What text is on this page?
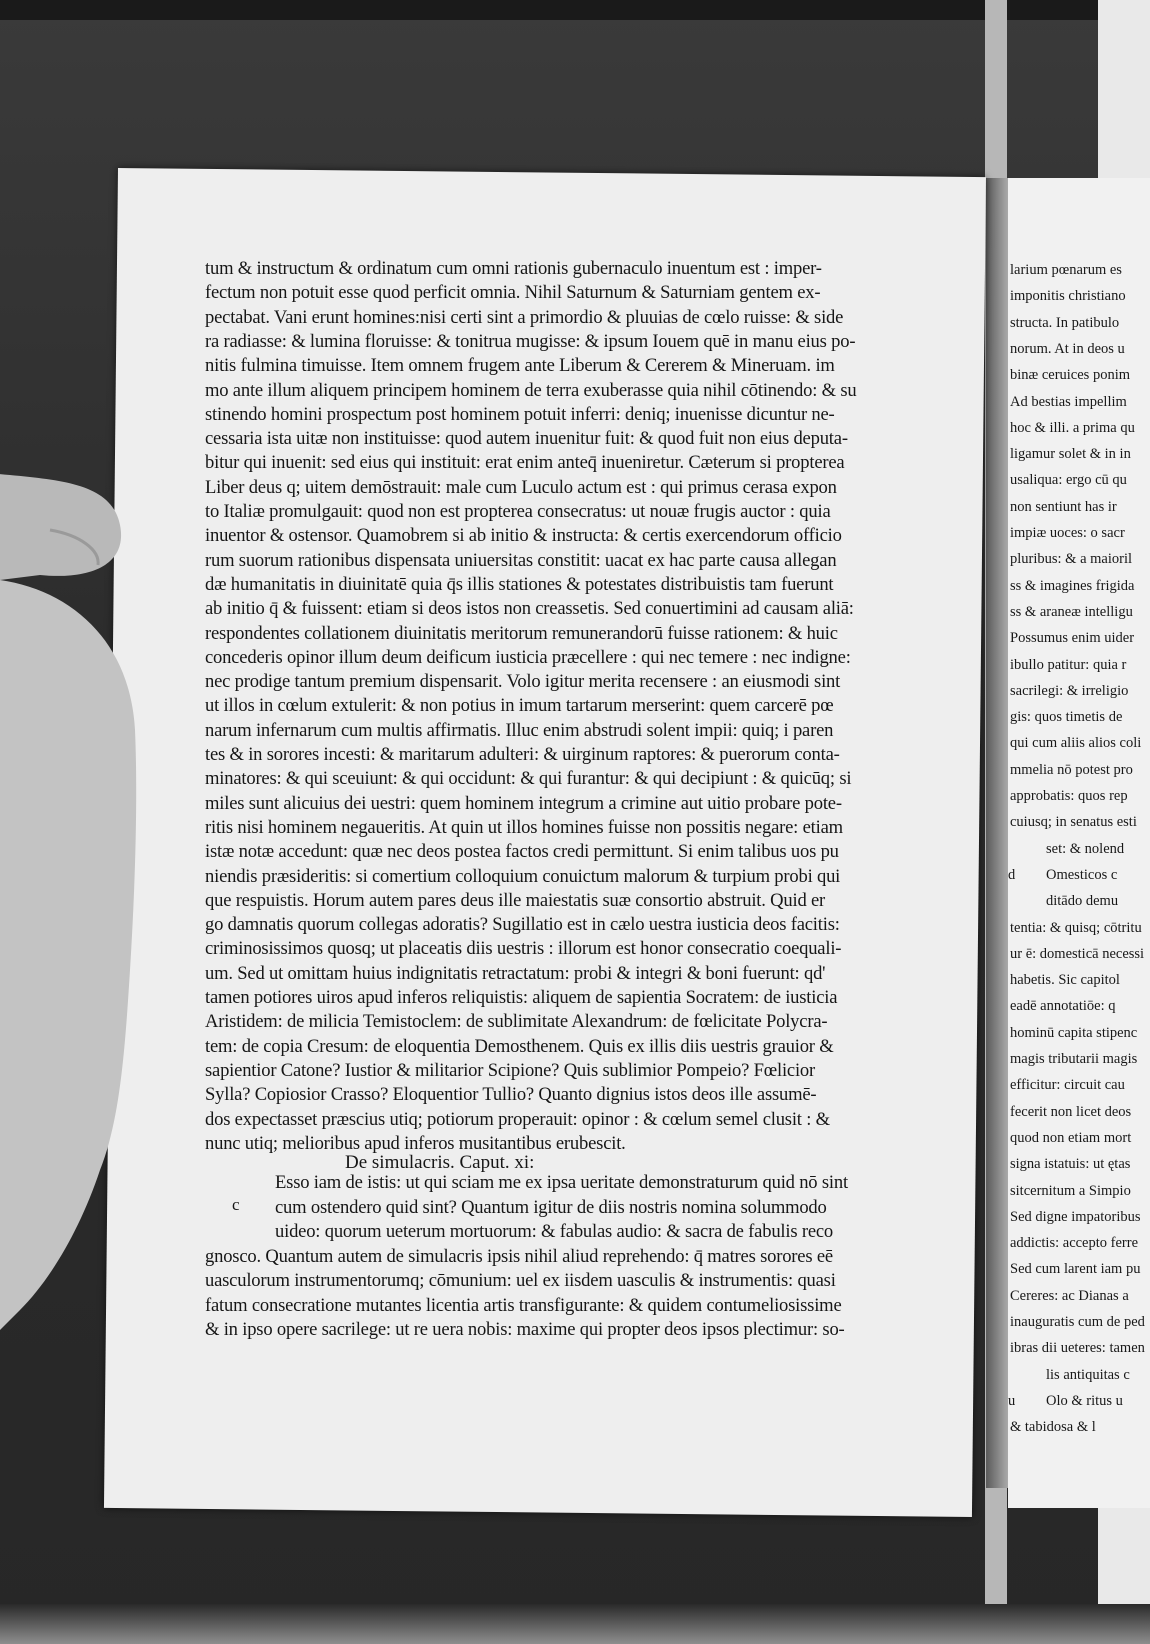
larium pœnarum es
imponitis christiano
structa. In patibulo
norum. At in deos u
binæ ceruices ponim
Ad bestias impellim
hoc & illi. a prima qu
ligamur solet & in in
usaliqua: ergo cū qu
non sentiunt has ir
impiæ uoces: o sacr
pluribus: & a maioril
ss & imagines frigida
ss & araneæ intelligu
Possumus enim uider
ibullo patitur: quia r
sacrilegi: & irreligio
gis: quos timetis de
qui cum aliis alios coli
mmelia nō potest pro
approbatis: quos rep
cuiusq; in senatus esti
set: & nolend
Omesticos c
ditādo demu
tentia: & quisq; cōtritu
ur ē: domesticā necessi
habetis. Sic capitol
eadē annotatiōe: q
hominū capita stipenc
magis tributarii magis
efficitur: circuit cau
fecerit non licet deos
quod non etiam mort
signa istatuis: ut ętas
sitcernitum a Simpio
Sed digne impatoribus
addictis: accepto ferre
Sed cum larent iam pu
Cereres: ac Dianas a
inauguratis cum de ped
ibras dii ueteres: tamen
lis antiquitas c
Olo & ritus u
& tabidosa & l
d
u
tum & instructum & ordinatum cum omni rationis gubernaculo inuentum est : imper-
fectum non potuit esse quod perficit omnia. Nihil Saturnum & Saturniam gentem ex-
pectabat. Vani erunt homines:nisi certi sint a primordio & pluuias de cœlo ruisse: & side
ra radiasse: & lumina floruisse: & tonitrua mugisse: & ipsum Iouem quē in manu eius po-
nitis fulmina timuisse. Item omnem frugem ante Liberum & Cererem & Mineruam. im
mo ante illum aliquem principem hominem de terra exuberasse quia nihil cōtinendo: & su
stinendo homini prospectum post hominem potuit inferri: deniq; inuenisse dicuntur ne-
cessaria ista uitæ non instituisse: quod autem inuenitur fuit: & quod fuit non eius deputa-
bitur qui inuenit: sed eius qui instituit: erat enim anteq̄ inueniretur. Cæterum si propterea
Liber deus q; uitem demōstrauit: male cum Luculo actum est : qui primus cerasa expon
to Italiæ promulgauit: quod non est propterea consecratus: ut nouæ frugis auctor : quia
inuentor & ostensor. Quamobrem si ab initio & instructa: & certis exercendorum officio
rum suorum rationibus dispensata uniuersitas constitit: uacat ex hac parte causa allegan
dæ humanitatis in diuinitatē quia q̄s illis stationes & potestates distribuistis tam fuerunt
ab initio q̄ & fuissent: etiam si deos istos non creassetis. Sed conuertimini ad causam aliā:
respondentes collationem diuinitatis meritorum remunerandorū fuisse rationem: & huic
concederis opinor illum deum deificum iusticia præcellere : qui nec temere : nec indigne:
nec prodige tantum premium dispensarit. Volo igitur merita recensere : an eiusmodi sint
ut illos in cœlum extulerit: & non potius in imum tartarum merserint: quem carcerē pœ
narum infernarum cum multis affirmatis. Illuc enim abstrudi solent impii: quiq; i paren
tes & in sorores incesti: & maritarum adulteri: & uirginum raptores: & puerorum conta-
minatores: & qui sceuiunt: & qui occidunt: & qui furantur: & qui decipiunt : & quicūq; si
miles sunt alicuius dei uestri: quem hominem integrum a crimine aut uitio probare pote-
ritis nisi hominem negaueritis. At quin ut illos homines fuisse non possitis negare: etiam
istæ notæ accedunt: quæ nec deos postea factos credi permittunt. Si enim talibus uos pu
niendis præsideritis: si comertium colloquium conuictum malorum & turpium probi qui
que respuistis. Horum autem pares deus ille maiestatis suæ consortio abstruit. Quid er
go damnatis quorum collegas adoratis? Sugillatio est in cælo uestra iusticia deos facitis:
criminosissimos quosq; ut placeatis diis uestris : illorum est honor consecratio coequali-
um. Sed ut omittam huius indignitatis retractatum: probi & integri & boni fuerunt: qd'
tamen potiores uiros apud inferos reliquistis: aliquem de sapientia Socratem: de iusticia
Aristidem: de milicia Temistoclem: de sublimitate Alexandrum: de fœlicitate Polycra-
tem: de copia Cresum: de eloquentia Demosthenem. Quis ex illis diis uestris grauior &
sapientior Catone? Iustior & militarior Scipione? Quis sublimior Pompeio? Fœlicior
Sylla? Copiosior Crasso? Eloquentior Tullio? Quanto dignius istos deos ille assumē-
dos expectasset præscius utiq; potiorum properauit: opinor : & cœlum semel clusit : &
nunc utiq; melioribus apud inferos musitantibus erubescit.
Esso iam de istis: ut qui sciam me ex ipsa ueritate demonstraturum quid nō sint
cum ostendero quid sint? Quantum igitur de diis nostris nomina solummodo
uideo: quorum ueterum mortuorum: & fabulas audio: & sacra de fabulis reco
gnosco. Quantum autem de simulacris ipsis nihil aliud reprehendo: q̄ matres sorores eē
uasculorum instrumentorumq; cōmunium: uel ex iisdem uasculis & instrumentis: quasi
fatum consecratione mutantes licentia artis transfigurante: & quidem contumeliosissime
& in ipso opere sacrilege: ut re uera nobis: maxime qui propter deos ipsos plectimur: so-
De simulacris. Caput. xi:
c
